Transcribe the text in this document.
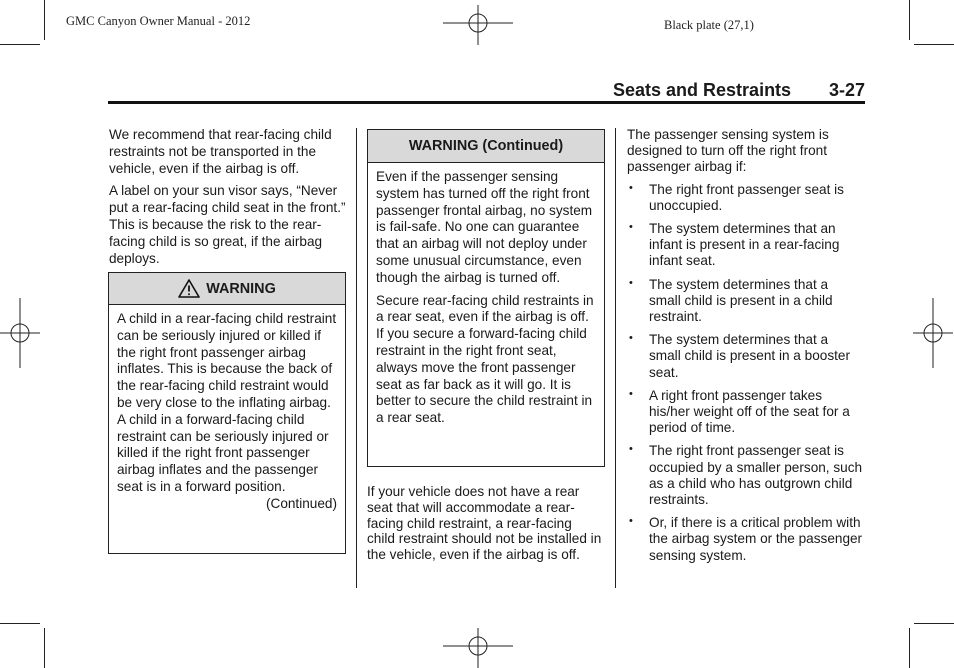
GMC Canyon Owner Manual - 2012	Black plate (27,1)
Seats and Restraints 3-27

We recommend that rear-facing child restraints not be transported in the vehicle, even if the airbag is off.

A label on your sun visor says, “Never put a rear-facing child seat in the front.” This is because the risk to the rear-facing child is so great, if the airbag deploys.

WARNING

A child in a rear-facing child restraint can be seriously injured or killed if the right front passenger airbag inflates. This is because the back of the rear-facing child restraint would be very close to the inflating airbag. A child in a forward-facing child restraint can be seriously injured or killed if the right front passenger airbag inflates and the passenger seat is in a forward position.

(Continued)
WARNING (Continued)

Even if the passenger sensing system has turned off the right front passenger frontal airbag, no system is fail-safe. No one can guarantee that an airbag will not deploy under some unusual circumstance, even though the airbag is turned off.

Secure rear-facing child restraints in a rear seat, even if the airbag is off. If you secure a forward-facing child restraint in the right front seat, always move the front passenger seat as far back as it will go. It is better to secure the child restraint in a rear seat.

If your vehicle does not have a rear seat that will accommodate a rear-facing child restraint, a rear-facing child restraint should not be installed in the vehicle, even if the airbag is off.

The passenger sensing system is designed to turn off the right front passenger airbag if:

• The right front passenger seat is unoccupied.
• The system determines that an infant is present in a rear-facing infant seat.
• The system determines that a small child is present in a child restraint.
• The system determines that a small child is present in a booster seat.
• A right front passenger takes his/her weight off of the seat for a period of time.
• The right front passenger seat is occupied by a smaller person, such as a child who has outgrown child restraints.
• Or, if there is a critical problem with the airbag system or the passenger sensing system.
